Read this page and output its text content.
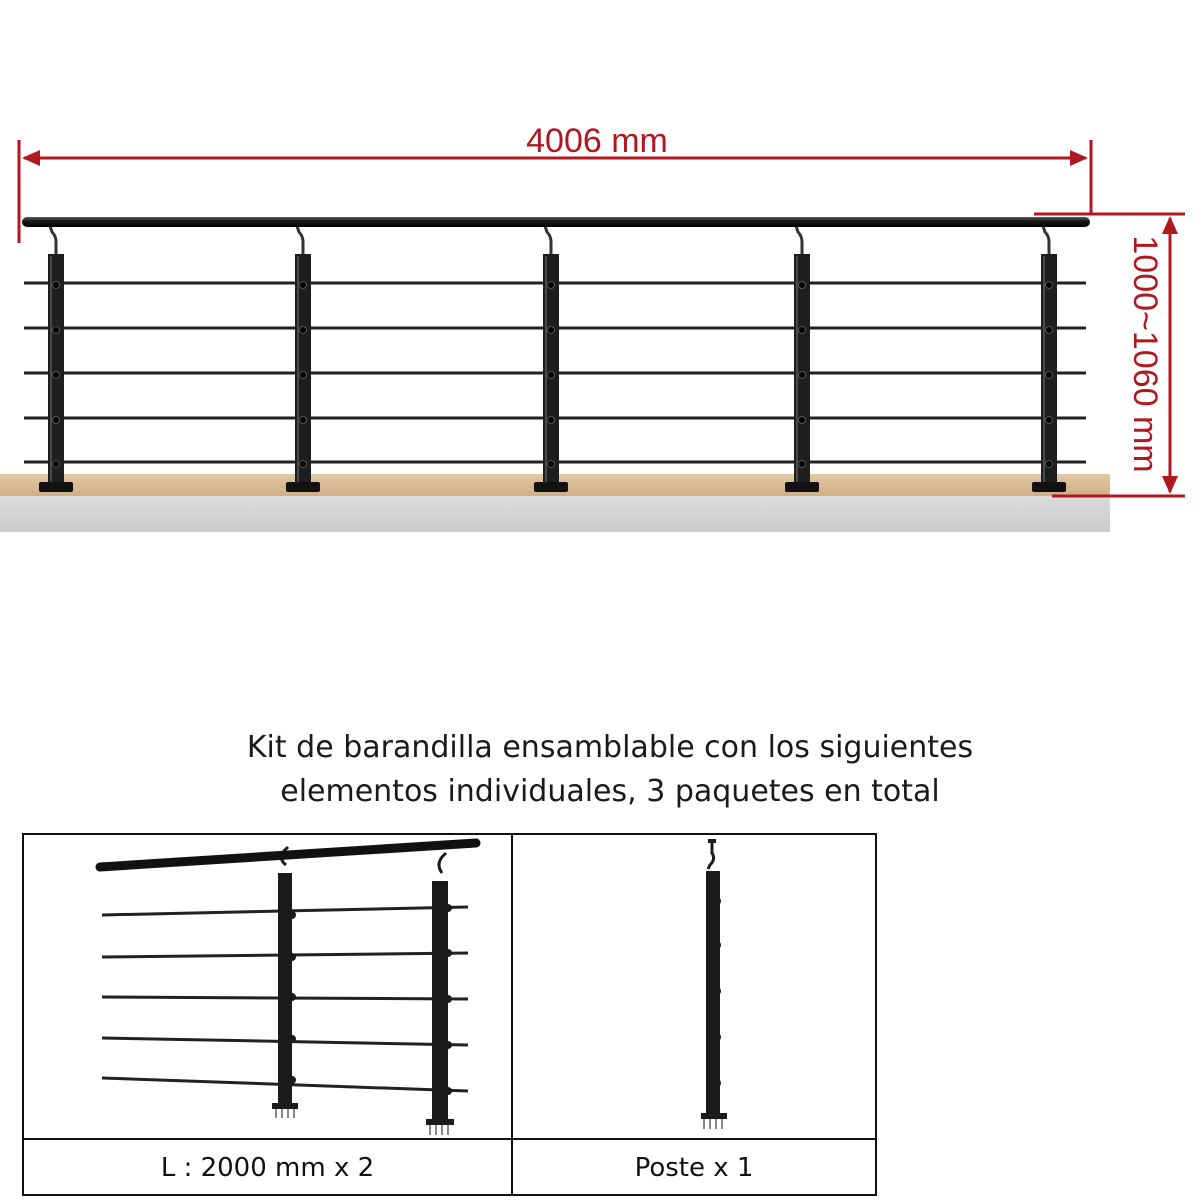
4006 mm
1000~1060 mm
Kit de barandilla ensamblable con los siguientes
elementos individuales, 3 paquetes en total
L : 2000 mm x 2	Poste x 1
